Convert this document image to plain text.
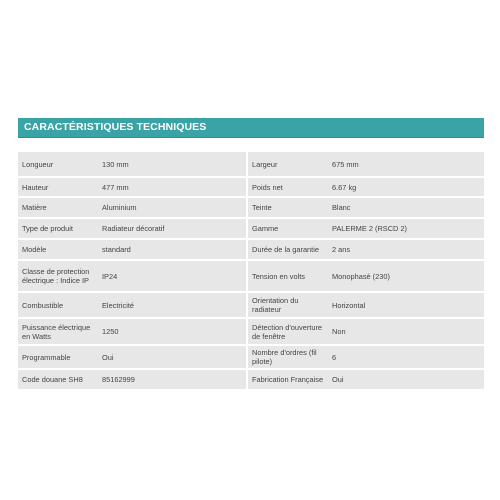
CARACTÉRISTIQUES TECHNIQUES
Longueur	130 mm	Largeur	675 mm
Hauteur	477 mm	Poids net	6.67 kg
Matière	Aluminium	Teinte	Blanc
Type de produit	Radiateur décoratif	Gamme	PALERME 2 (RSCD 2)
Modèle	standard	Durée de la garantie	2 ans
Classe de protection électrique : Indice IP	IP24	Tension en volts	Monophasé (230)
Combustible	Electricité	Orientation du radiateur	Horizontal
Puissance électrique en Watts	1250	Détection d'ouverture de fenêtre	Non
Programmable	Oui	Nombre d'ordres (fil pilote)	6
Code douane SH8	85162999	Fabrication Française	Oui
